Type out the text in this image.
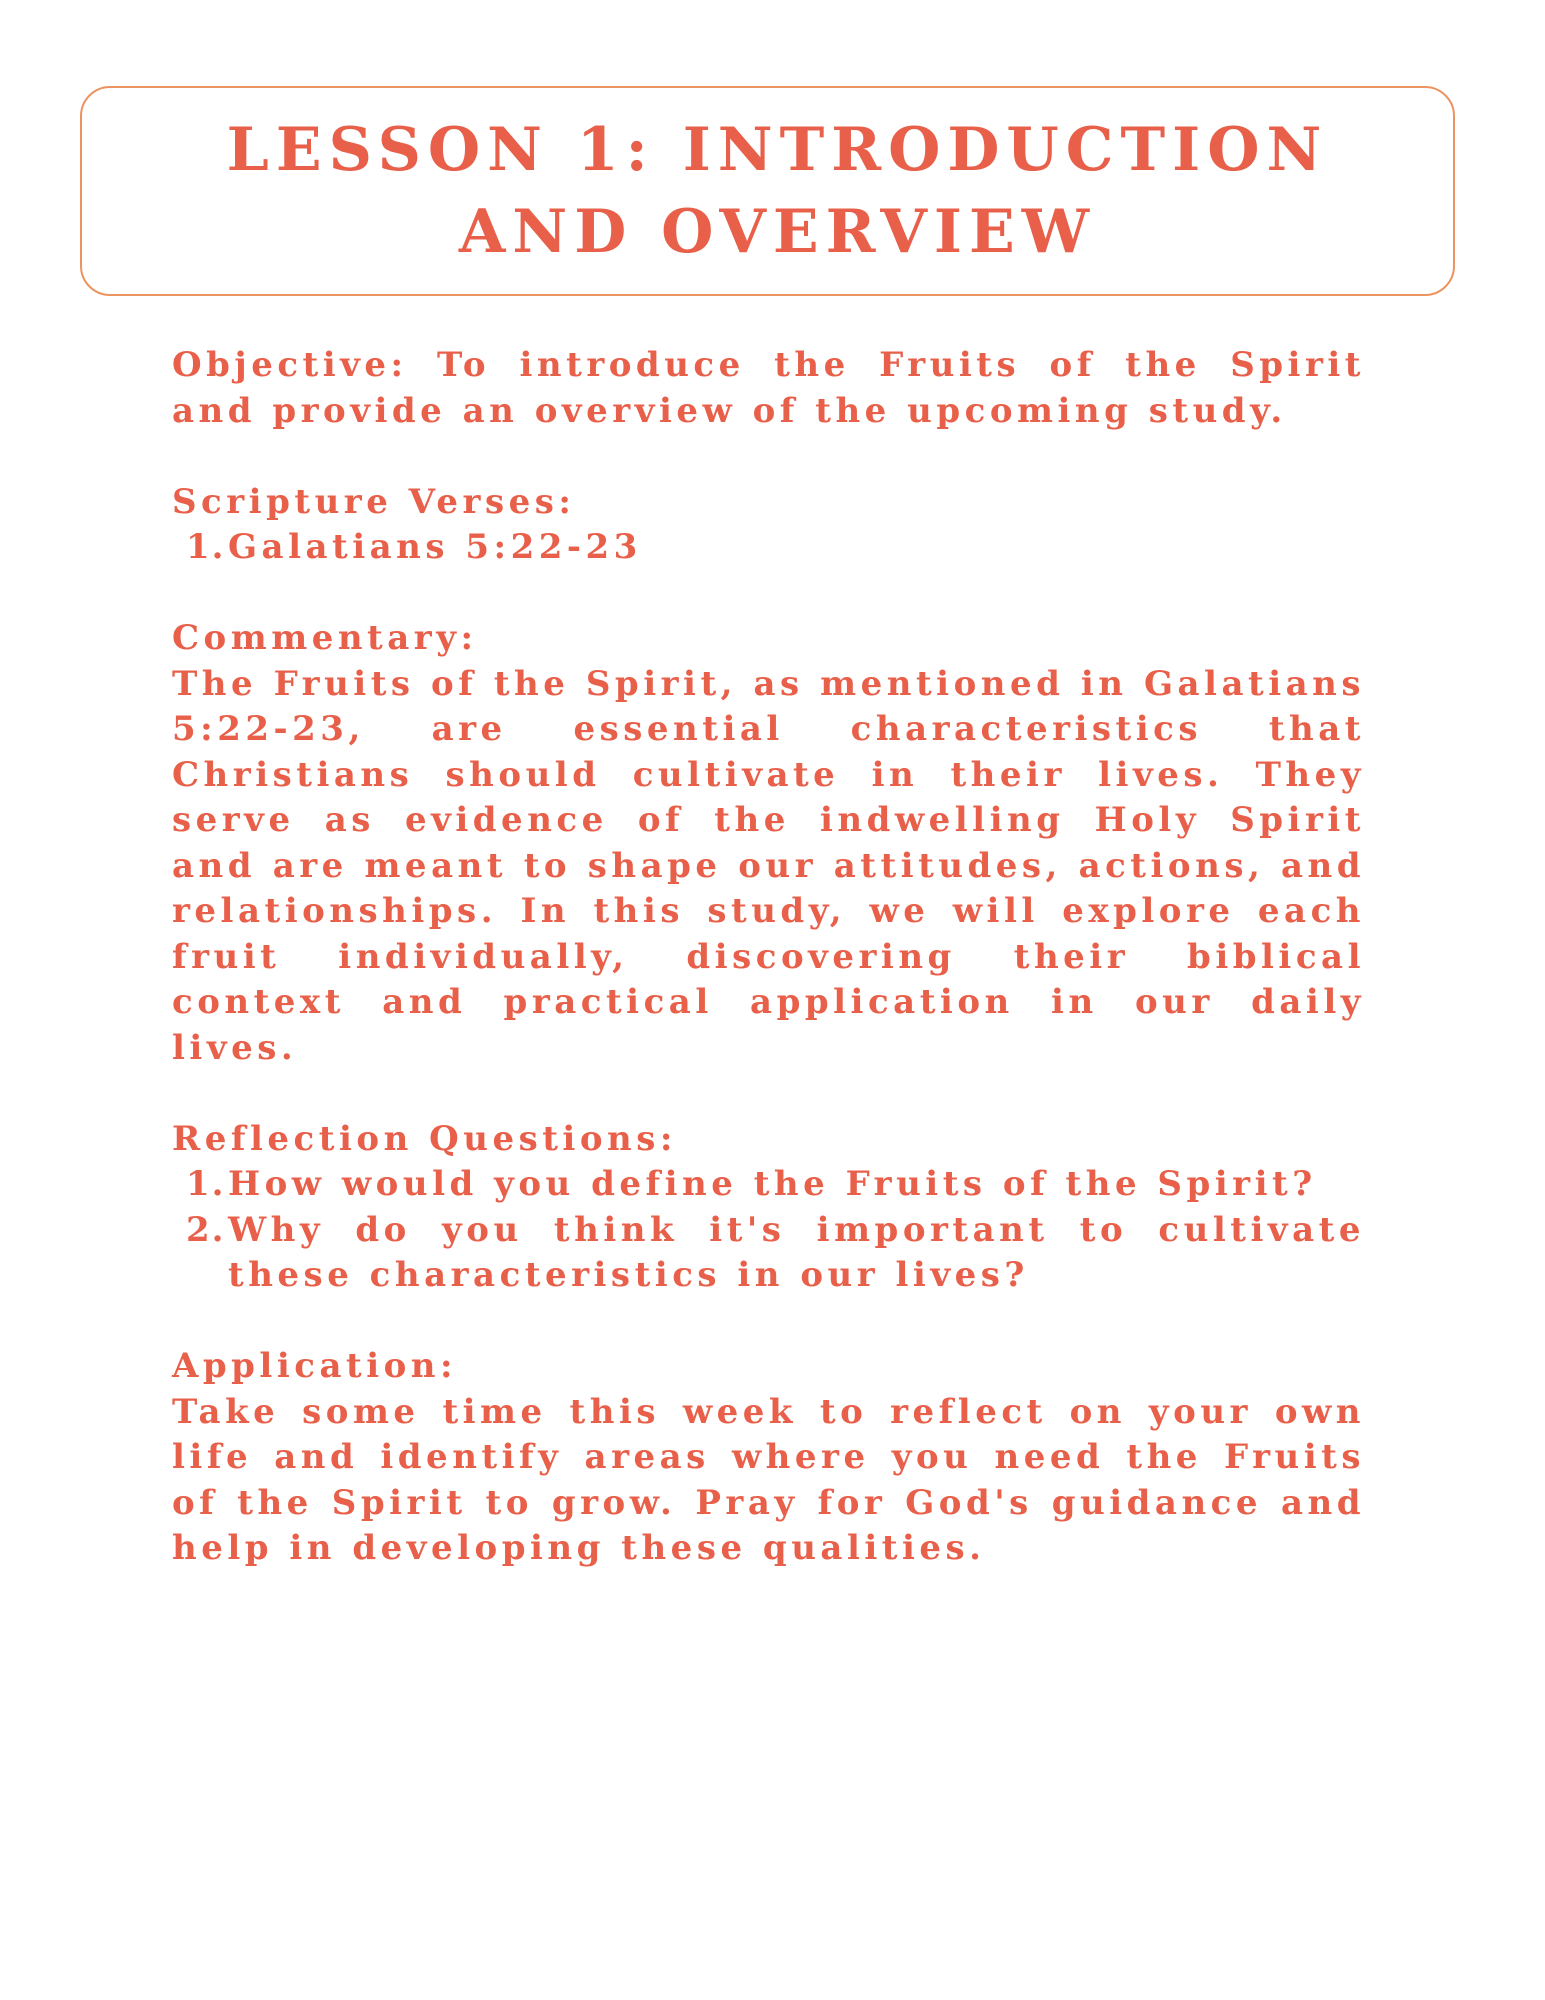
LESSON 1: INTRODUCTION
AND OVERVIEW

Objective: To introduce the Fruits of the Spirit and provide an overview of the upcoming study.

Scripture Verses:

1. Galatians 5:22-23

Commentary:

The Fruits of the Spirit, as mentioned in Galatians 5:22-23, are essential characteristics that Christians should cultivate in their lives. They serve as evidence of the indwelling Holy Spirit and are meant to shape our attitudes, actions, and relationships. In this study, we will explore each fruit individually, discovering their biblical context and practical application in our daily lives.

Reflection Questions:

1. How would you define the Fruits of the Spirit?
2. Why do you think it's important to cultivate these characteristics in our lives?

Application:

Take some time this week to reflect on your own life and identify areas where you need the Fruits of the Spirit to grow. Pray for God's guidance and help in developing these qualities.
